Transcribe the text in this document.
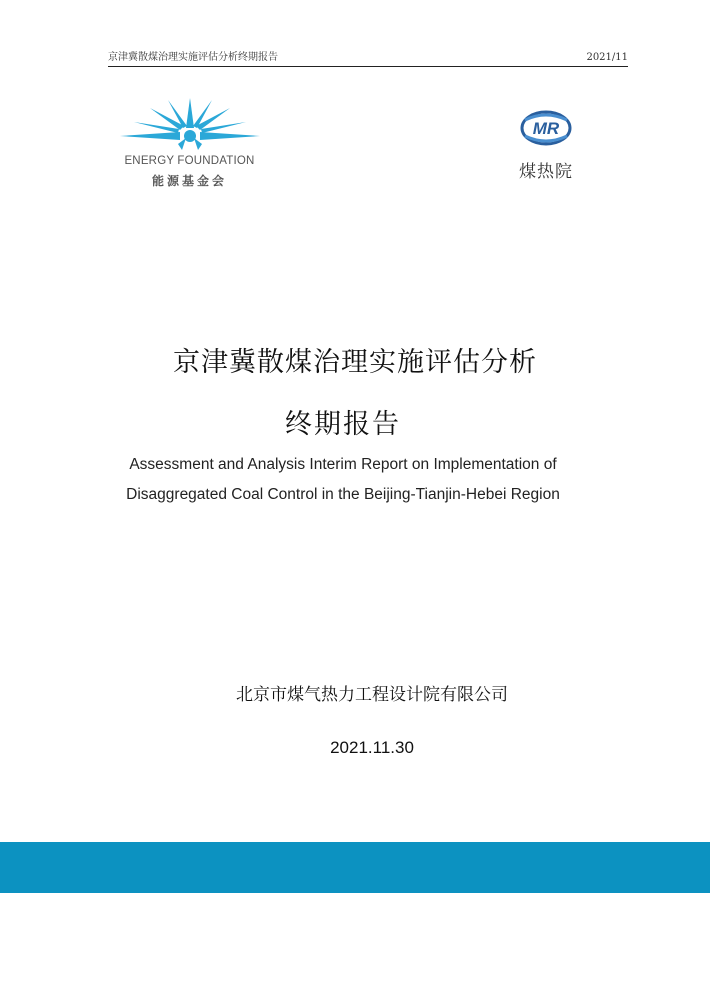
京津冀散煤治理实施评估分析终期报告	2021/11
ENERGY FOUNDATION
能源基金会
MR
煤热院
京津冀散煤治理实施评估分析
终期报告
Assessment and Analysis Interim Report on Implementation of
Disaggregated Coal Control in the Beijing-Tianjin-Hebei Region
北京市煤气热力工程设计院有限公司
2021.11.30
